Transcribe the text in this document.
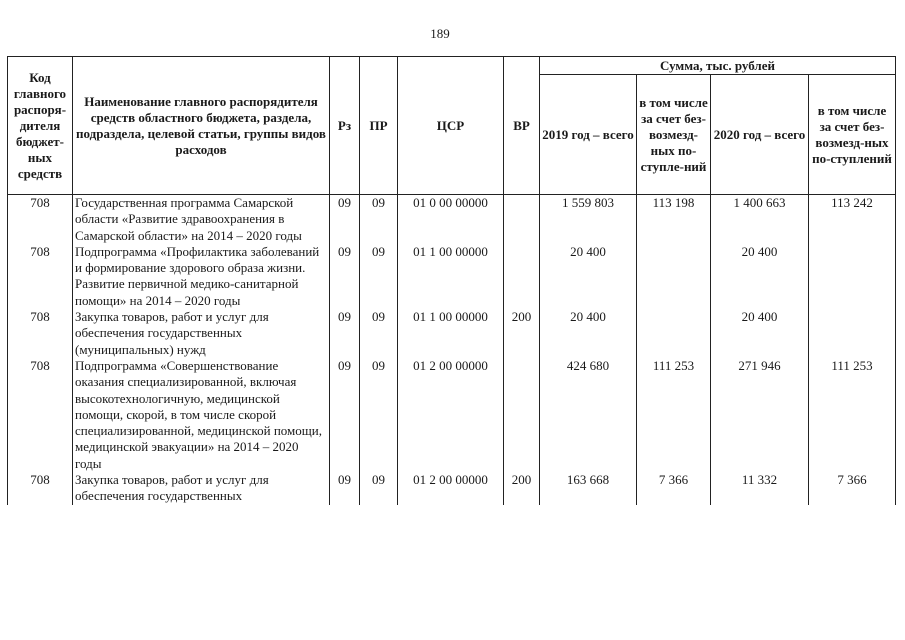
189
Код главного распоря-дителя бюджет-ных средств	Наименование главного распорядителя средств областного бюджета, раздела, подраздела, целевой статьи, группы видов расходов	Рз	ПР	ЦСР	ВР	Сумма, тыс. рублей			
						2019 год – всего	в том числе за счет без-возмезд-ных по-ступле-ний	2020 год – всего	в том числе за счет без-возмезд-ных по-ступлений
708	Государственная программа Самарской области «Развитие здравоохранения в Самарской области» на 2014 – 2020 годы	09	09	01 0 00 00000		1 559 803	113 198	1 400 663	113 242
708	Подпрограмма «Профилактика заболеваний и формирование здорового образа жизни. Развитие первичной медико-санитарной помощи» на 2014 – 2020 годы	09	09	01 1 00 00000		20 400		20 400	
708	Закупка товаров, работ и услуг для обеспечения государственных (муниципальных) нужд	09	09	01 1 00 00000	200	20 400		20 400	
708	Подпрограмма «Совершенствование оказания специализированной, включая высокотехнологичную, медицинской помощи, скорой, в том числе скорой специализированной, медицинской помощи, медицинской эвакуации» на 2014 – 2020 годы	09	09	01 2 00 00000		424 680	111 253	271 946	111 253
708	Закупка товаров, работ и услуг для обеспечения государственных	09	09	01 2 00 00000	200	163 668	7 366	11 332	7 366
